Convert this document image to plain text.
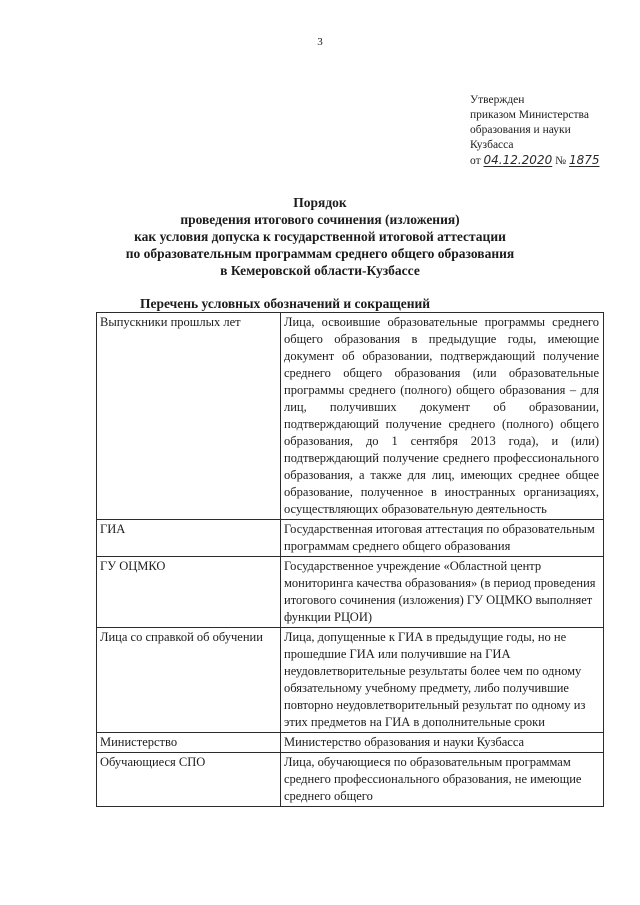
3
Утвержден
приказом Министерства
образования и науки
Кузбасса
от 04.12.2020 № 1875
Порядок
проведения итогового сочинения (изложения)
как условия допуска к государственной итоговой аттестации
по образовательным программам среднего общего образования
в Кемеровской области-Кузбассе
Перечень условных обозначений и сокращений
Выпускники прошлых лет	Лица, освоившие образовательные программы среднего общего образования в предыдущие годы, имеющие документ об образовании, подтверждающий получение среднего общего образования (или образовательные программы среднего (полного) общего образования – для лиц, получивших документ об образовании, подтверждающий получение среднего (полного) общего образования, до 1 сентября 2013 года), и (или) подтверждающий получение среднего профессионального образования, а также для лиц, имеющих среднее общее образование, полученное в иностранных организациях, осуществляющих образовательную деятельность
ГИА	Государственная итоговая аттестация по образовательным программам среднего общего образования
ГУ ОЦМКО	Государственное учреждение «Областной центр мониторинга качества образования» (в период проведения итогового сочинения (изложения) ГУ ОЦМКО выполняет функции РЦОИ)
Лица со справкой об обучении	Лица, допущенные к ГИА в предыдущие годы, но не прошедшие ГИА или получившие на ГИА неудовлетворительные результаты более чем по одному обязательному учебному предмету, либо получившие повторно неудовлетворительный результат по одному из этих предметов на ГИА в дополнительные сроки
Министерство	Министерство образования и науки Кузбасса
Обучающиеся СПО	Лица, обучающиеся по образовательным программам среднего профессионального образования, не имеющие среднего общего
